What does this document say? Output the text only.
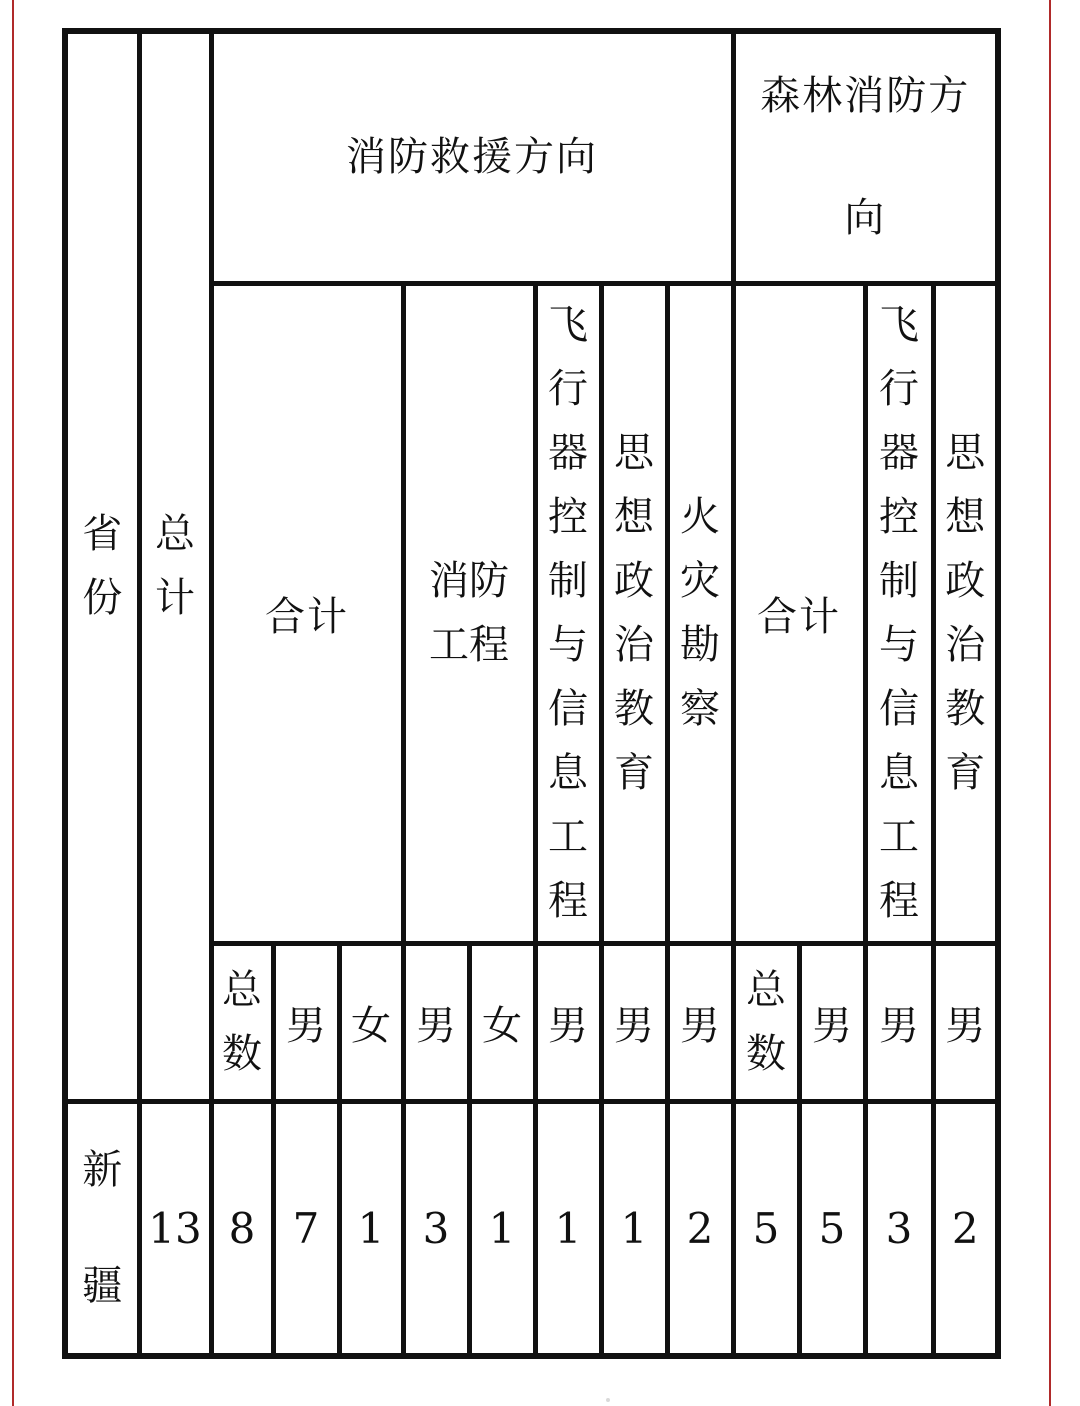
省份	总计	消防救援方向								森林消防方向			
		合计			消防工程		飞行器控制与信息工程	思想政治教育	火灾勘察	合计		飞行器控制与信息工程	思想政治教育
		总数	男	女	男	女	男	男	男	总数	男	男	男
新疆	13	8	7	1	3	1	1	1	2	5	5	3	2
